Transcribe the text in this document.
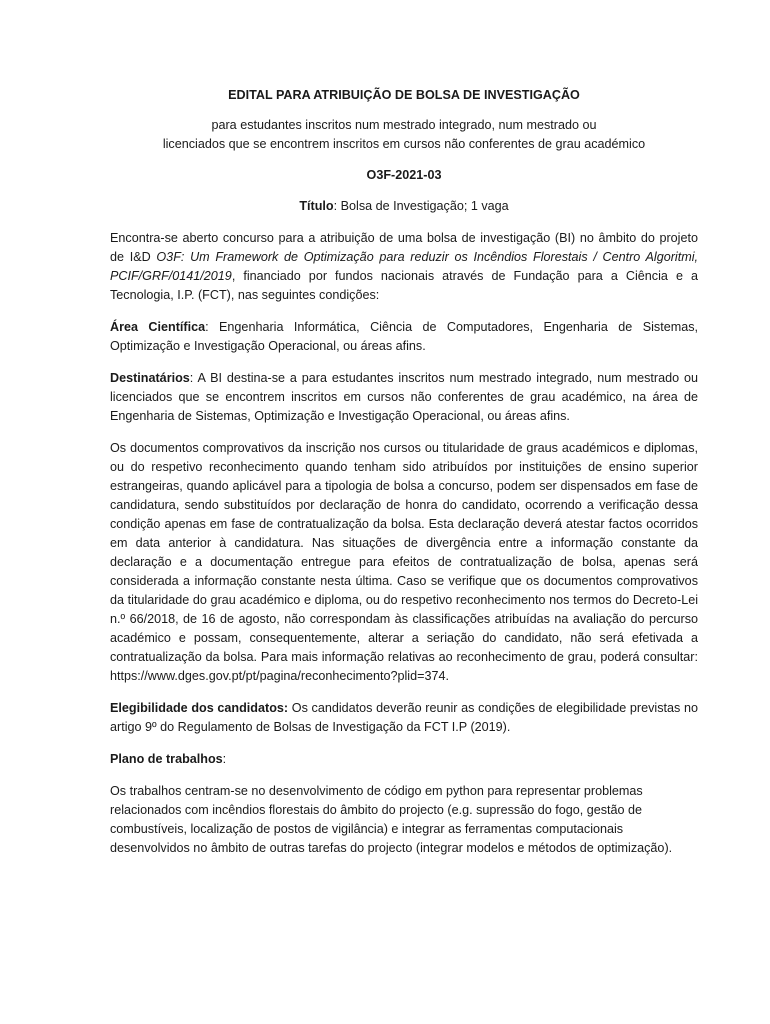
EDITAL PARA ATRIBUIÇÃO DE BOLSA DE INVESTIGAÇÃO
para estudantes inscritos num mestrado integrado, num mestrado ou
licenciados que se encontrem inscritos em cursos não conferentes de grau académico
O3F-2021-03
Título: Bolsa de Investigação; 1 vaga

Encontra-se aberto concurso para a atribuição de uma bolsa de investigação (BI) no âmbito do projeto de I&D O3F: Um Framework de Optimização para reduzir os Incêndios Florestais / Centro Algoritmi, PCIF/GRF/0141/2019, financiado por fundos nacionais através de Fundação para a Ciência e a Tecnologia, I.P. (FCT), nas seguintes condições:

Área Científica: Engenharia Informática, Ciência de Computadores, Engenharia de Sistemas, Optimização e Investigação Operacional, ou áreas afins.

Destinatários: A BI destina-se a para estudantes inscritos num mestrado integrado, num mestrado ou licenciados que se encontrem inscritos em cursos não conferentes de grau académico, na área de Engenharia de Sistemas, Optimização e Investigação Operacional, ou áreas afins.

Os documentos comprovativos da inscrição nos cursos ou titularidade de graus académicos e diplomas, ou do respetivo reconhecimento quando tenham sido atribuídos por instituições de ensino superior estrangeiras, quando aplicável para a tipologia de bolsa a concurso, podem ser dispensados em fase de candidatura, sendo substituídos por declaração de honra do candidato, ocorrendo a verificação dessa condição apenas em fase de contratualização da bolsa. Esta declaração deverá atestar factos ocorridos em data anterior à candidatura. Nas situações de divergência entre a informação constante da declaração e a documentação entregue para efeitos de contratualização de bolsa, apenas será considerada a informação constante nesta última. Caso se verifique que os documentos comprovativos da titularidade do grau académico e diploma, ou do respetivo reconhecimento nos termos do Decreto-Lei n.º 66/2018, de 16 de agosto, não correspondam às classificações atribuídas na avaliação do percurso académico e possam, consequentemente, alterar a seriação do candidato, não será efetivada a contratualização da bolsa. Para mais informação relativas ao reconhecimento de grau, poderá consultar:
https://www.dges.gov.pt/pt/pagina/reconhecimento?plid=374.

Elegibilidade dos candidatos: Os candidatos deverão reunir as condições de elegibilidade previstas no artigo 9º do Regulamento de Bolsas de Investigação da FCT I.P (2019).

Plano de trabalhos:

Os trabalhos centram-se no desenvolvimento de código em python para representar problemas relacionados com incêndios florestais do âmbito do projecto (e.g. supressão do fogo, gestão de combustíveis, localização de postos de vigilância) e integrar as ferramentas computacionais desenvolvidos no âmbito de outras tarefas do projecto (integrar modelos e métodos de optimização).
